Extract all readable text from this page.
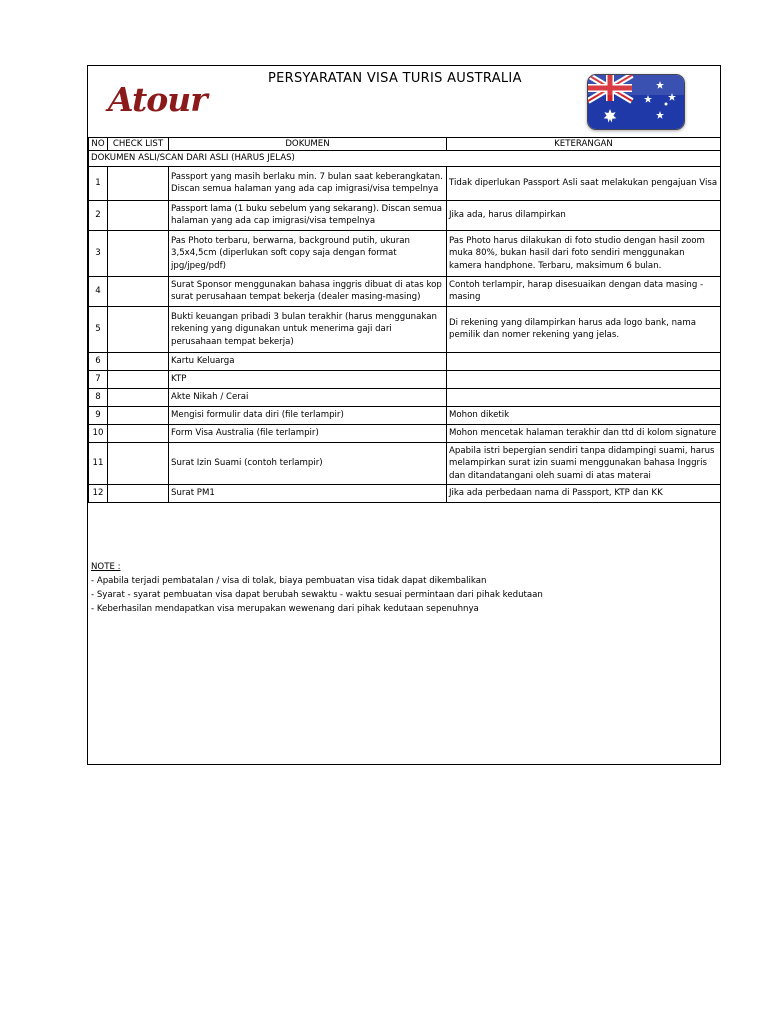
PERSYARATAN VISA TURIS AUSTRALIA
Atour
NO	CHECK LIST	DOKUMEN	KETERANGAN
DOKUMEN ASLI/SCAN DARI ASLI (HARUS JELAS)			
1		Passport yang masih berlaku min. 7 bulan saat keberangkatan. Discan semua halaman yang ada cap imigrasi/visa tempelnya	Tidak diperlukan Passport Asli saat melakukan pengajuan Visa
2		Passport lama (1 buku sebelum yang sekarang). Discan semua halaman yang ada cap imigrasi/visa tempelnya	Jika ada, harus dilampirkan
3		Pas Photo terbaru, berwarna, background putih, ukuran 3,5x4,5cm (diperlukan soft copy saja dengan format jpg/jpeg/pdf)	Pas Photo harus dilakukan di foto studio dengan hasil zoom muka 80%, bukan hasil dari foto sendiri menggunakan kamera handphone. Terbaru, maksimum 6 bulan.
4		Surat Sponsor menggunakan bahasa inggris dibuat di atas kop surat perusahaan tempat bekerja (dealer masing-masing)	Contoh terlampir, harap disesuaikan dengan data masing - masing
5		Bukti keuangan pribadi 3 bulan terakhir (harus menggunakan rekening yang digunakan untuk menerima gaji dari perusahaan tempat bekerja)	Di rekening yang dilampirkan harus ada logo bank, nama pemilik dan nomer rekening yang jelas.
6		Kartu Keluarga	
7		KTP	
8		Akte Nikah / Cerai	
9		Mengisi formulir data diri (file terlampir)	Mohon diketik
10		Form Visa Australia (file terlampir)	Mohon mencetak halaman terakhir dan ttd di kolom signature
11		Surat Izin Suami (contoh terlampir)	Apabila istri bepergian sendiri tanpa didampingi suami, harus melampirkan surat izin suami menggunakan bahasa Inggris dan ditandatangani oleh suami di atas materai
12		Surat PM1	Jika ada perbedaan nama di Passport, KTP dan KK
NOTE :
- Apabila terjadi pembatalan / visa di tolak, biaya pembuatan visa tidak dapat dikembalikan
- Syarat - syarat pembuatan visa dapat berubah sewaktu - waktu sesuai permintaan dari pihak kedutaan
- Keberhasilan mendapatkan visa merupakan wewenang dari pihak kedutaan sepenuhnya
